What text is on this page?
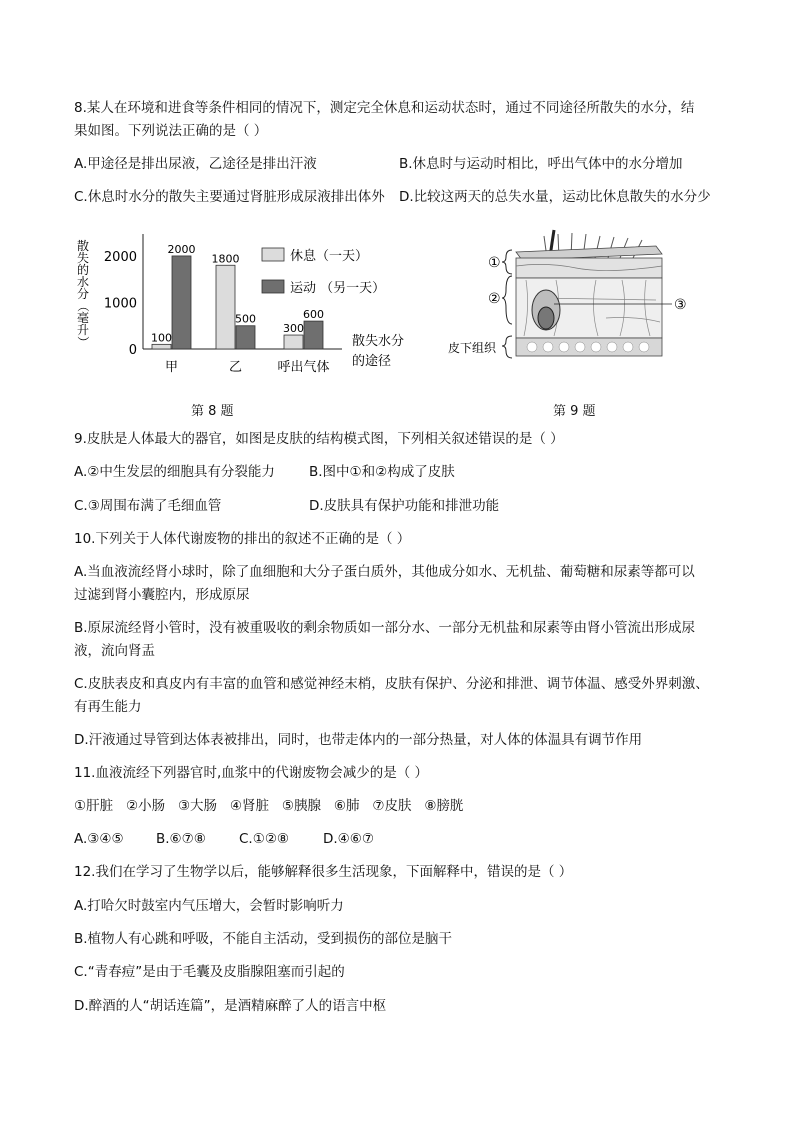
8.某人在环境和进食等条件相同的情况下，测定完全休息和运动状态时，通过不同途径所散失的水分，结
果如图。下列说法正确的是（ ）
A.甲途径是排出尿液，乙途径是排出汗液	B.休息时与运动时相比，呼出气体中的水分增加
C.休息时水分的散失主要通过肾脏形成尿液排出体外 D.比较这两天的总失水量，运动比休息散失的水分少
散
失
的
水
分
（
毫
升
）
0
1000
2000
100
2000
甲
1800
500
乙
300
600
呼出气体
散失水分
的途径
休息（一天）
运动 （另一天）
①
②	③
皮下组织
第 8 题	第 9 题
9.皮肤是人体最大的器官，如图是皮肤的结构模式图，下列相关叙述错误的是（ ）
A.②中生发层的细胞具有分裂能力	B.图中①和②构成了皮肤
C.③周围布满了毛细血管	D.皮肤具有保护功能和排泄功能
10.下列关于人体代谢废物的排出的叙述不正确的是（ ）
A.当血液流经肾小球时，除了血细胞和大分子蛋白质外，其他成分如水、无机盐、葡萄糖和尿素等都可以
过滤到肾小囊腔内，形成原尿
B.原尿流经肾小管时，没有被重吸收的剩余物质如一部分水、一部分无机盐和尿素等由肾小管流出形成尿
液，流向肾盂
C.皮肤表皮和真皮内有丰富的血管和感觉神经末梢，皮肤有保护、分泌和排泄、调节体温、感受外界刺激、
有再生能力
D.汗液通过导管到达体表被排出，同时，也带走体内的一部分热量，对人体的体温具有调节作用
11.血液流经下列器官时,血浆中的代谢废物会减少的是（ ）
①肝脏   ②小肠   ③大肠   ④肾脏   ⑤胰腺   ⑥肺   ⑦皮肤   ⑧膀胱
A.③④⑤ B.⑥⑦⑧ C.①②⑧	D.④⑥⑦
12.我们在学习了生物学以后，能够解释很多生活现象，下面解释中，错误的是（ ）
A.打哈欠时鼓室内气压增大，会暂时影响听力
B.植物人有心跳和呼吸，不能自主活动，受到损伤的部位是脑干
C.“青春痘”是由于毛囊及皮脂腺阻塞而引起的
D.醉酒的人“胡话连篇”，是酒精麻醉了人的语言中枢
